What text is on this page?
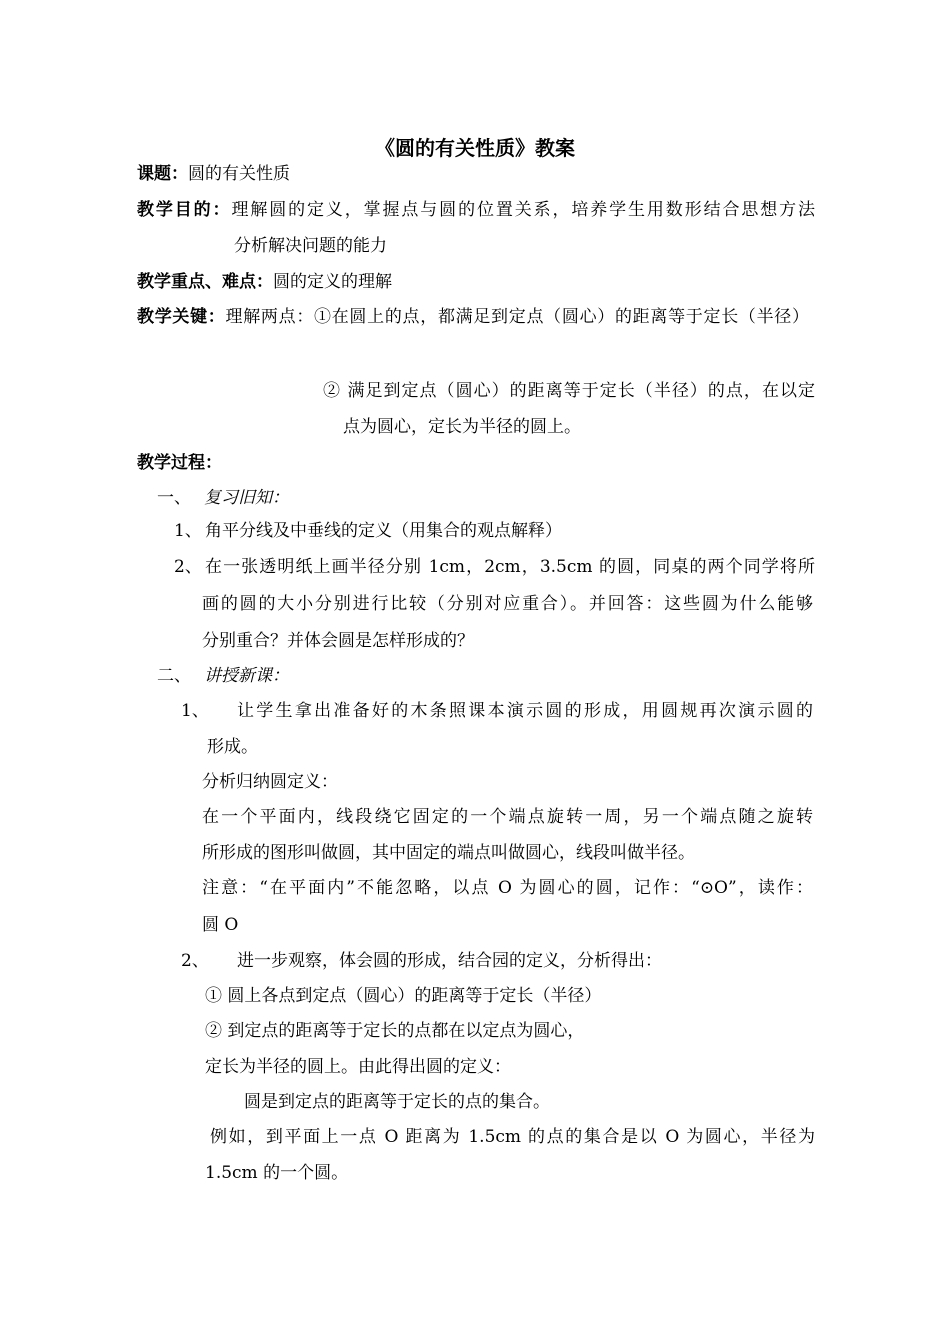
《圆的有关性质》教案
课题：圆的有关性质
教学目的：理解圆的定义，掌握点与圆的位置关系，培养学生用数形结合思想方法
分析解决问题的能力
教学重点、难点：圆的定义的理解
教学关键：理解两点：①在圆上的点，都满足到定点（圆心）的距离等于定长（半径）
② 满足到定点（圆心）的距离等于定长（半径）的点，在以定
点为圆心，定长为半径的圆上。
教学过程：
一、 复习旧知：
1、 角平分线及中垂线的定义（用集合的观点解释）
2、 在一张透明纸上画半径分别 1cm，2cm，3.5cm 的圆，同桌的两个同学将所
画的圆的大小分别进行比较（分别对应重合）。并回答：这些圆为什么能够
分别重合？并体会圆是怎样形成的？
二、 讲授新课：
1、 让学生拿出准备好的木条照课本演示圆的形成，用圆规再次演示圆的
形成。
分析归纳圆定义：
在一个平面内，线段绕它固定的一个端点旋转一周，另一个端点随之旋转
所形成的图形叫做圆，其中固定的端点叫做圆心，线段叫做半径。
注意：“在平面内”不能忽略，以点 O 为圆心的圆，记作：“⊙O”，读作：
圆 O
2、 进一步观察，体会圆的形成，结合园的定义，分析得出：
① 圆上各点到定点（圆心）的距离等于定长（半径）
② 到定点的距离等于定长的点都在以定点为圆心，
定长为半径的圆上。由此得出圆的定义：
圆是到定点的距离等于定长的点的集合。
例如，到平面上一点 O 距离为 1.5cm 的点的集合是以 O 为圆心，半径为
1.5cm 的一个圆。
